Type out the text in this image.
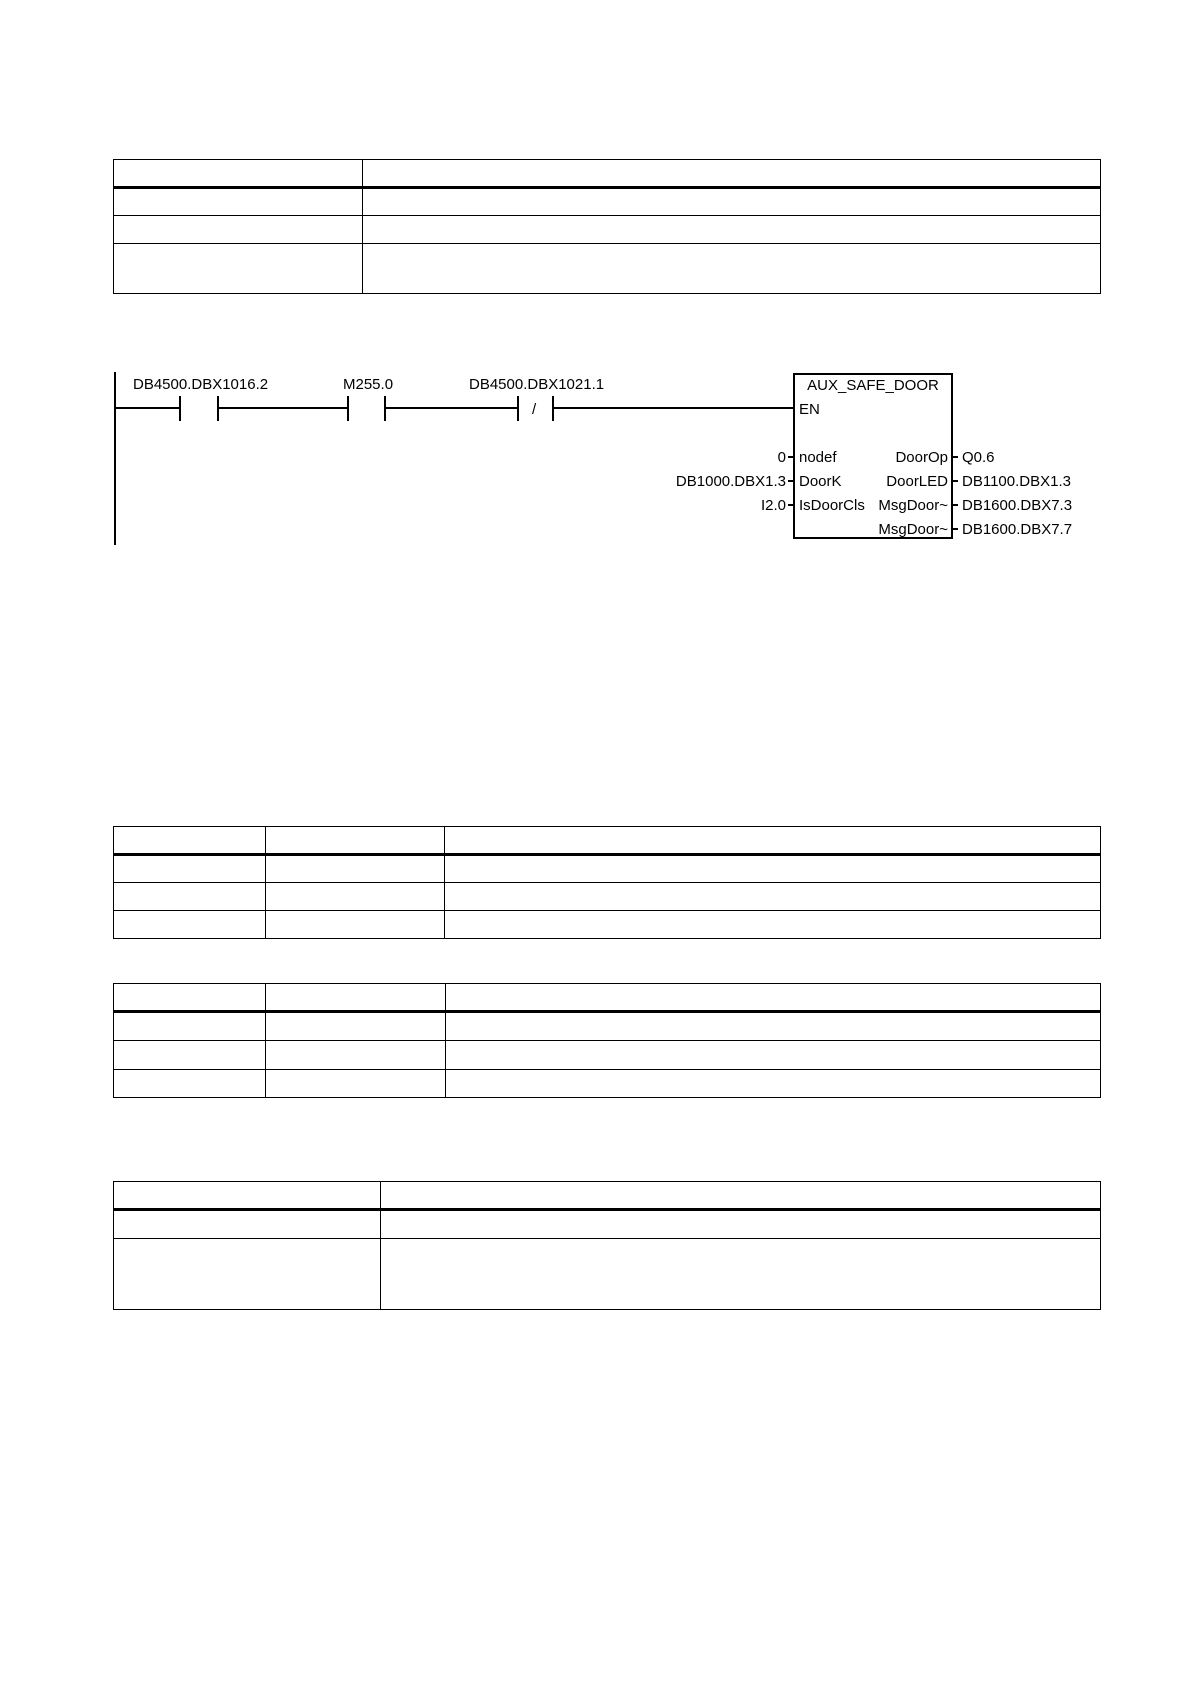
DB4500.DBX1016.2	M255.0	DB4500.DBX1021.1
/
AUX_SAFE_DOOR
EN
nodef
DoorK
IsDoorCls
0
DB1000.DBX1.3
I2.0
DoorOp
DoorLED
MsgDoor~
MsgDoor~
Q0.6
DB1100.DBX1.3
DB1600.DBX7.3
DB1600.DBX7.7
